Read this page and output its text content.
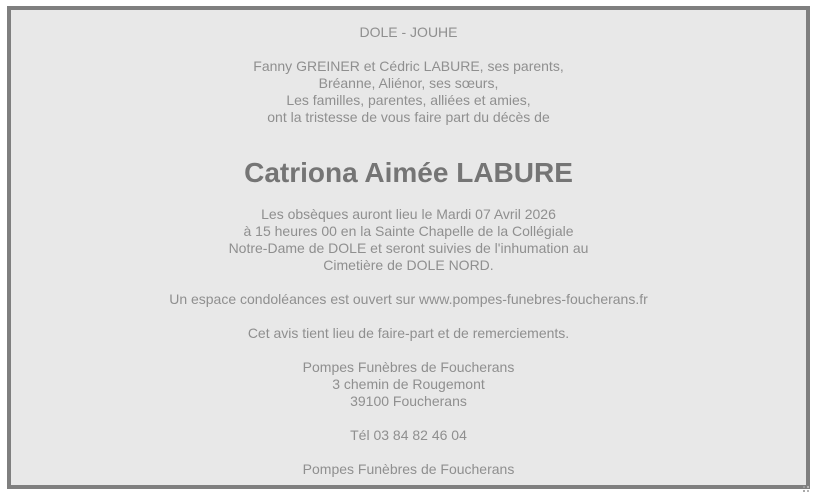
DOLE - JOUHE

Fanny GREINER et Cédric LABURE, ses parents,
Bréanne, Aliénor, ses sœurs,
Les familles, parentes, alliées et amies,
ont la tristesse de vous faire part du décès de

Catriona Aimée LABURE

Les obsèques auront lieu le Mardi 07 Avril 2026
à 15 heures 00 en la Sainte Chapelle de la Collégiale
Notre-Dame de DOLE et seront suivies de l'inhumation au
Cimetière de DOLE NORD.

Un espace condoléances est ouvert sur www.pompes-funebres-foucherans.fr

Cet avis tient lieu de faire-part et de remerciements.

Pompes Funèbres de Foucherans
3 chemin de Rougemont
39100 Foucherans

Tél 03 84 82 46 04

Pompes Funèbres de Foucherans
